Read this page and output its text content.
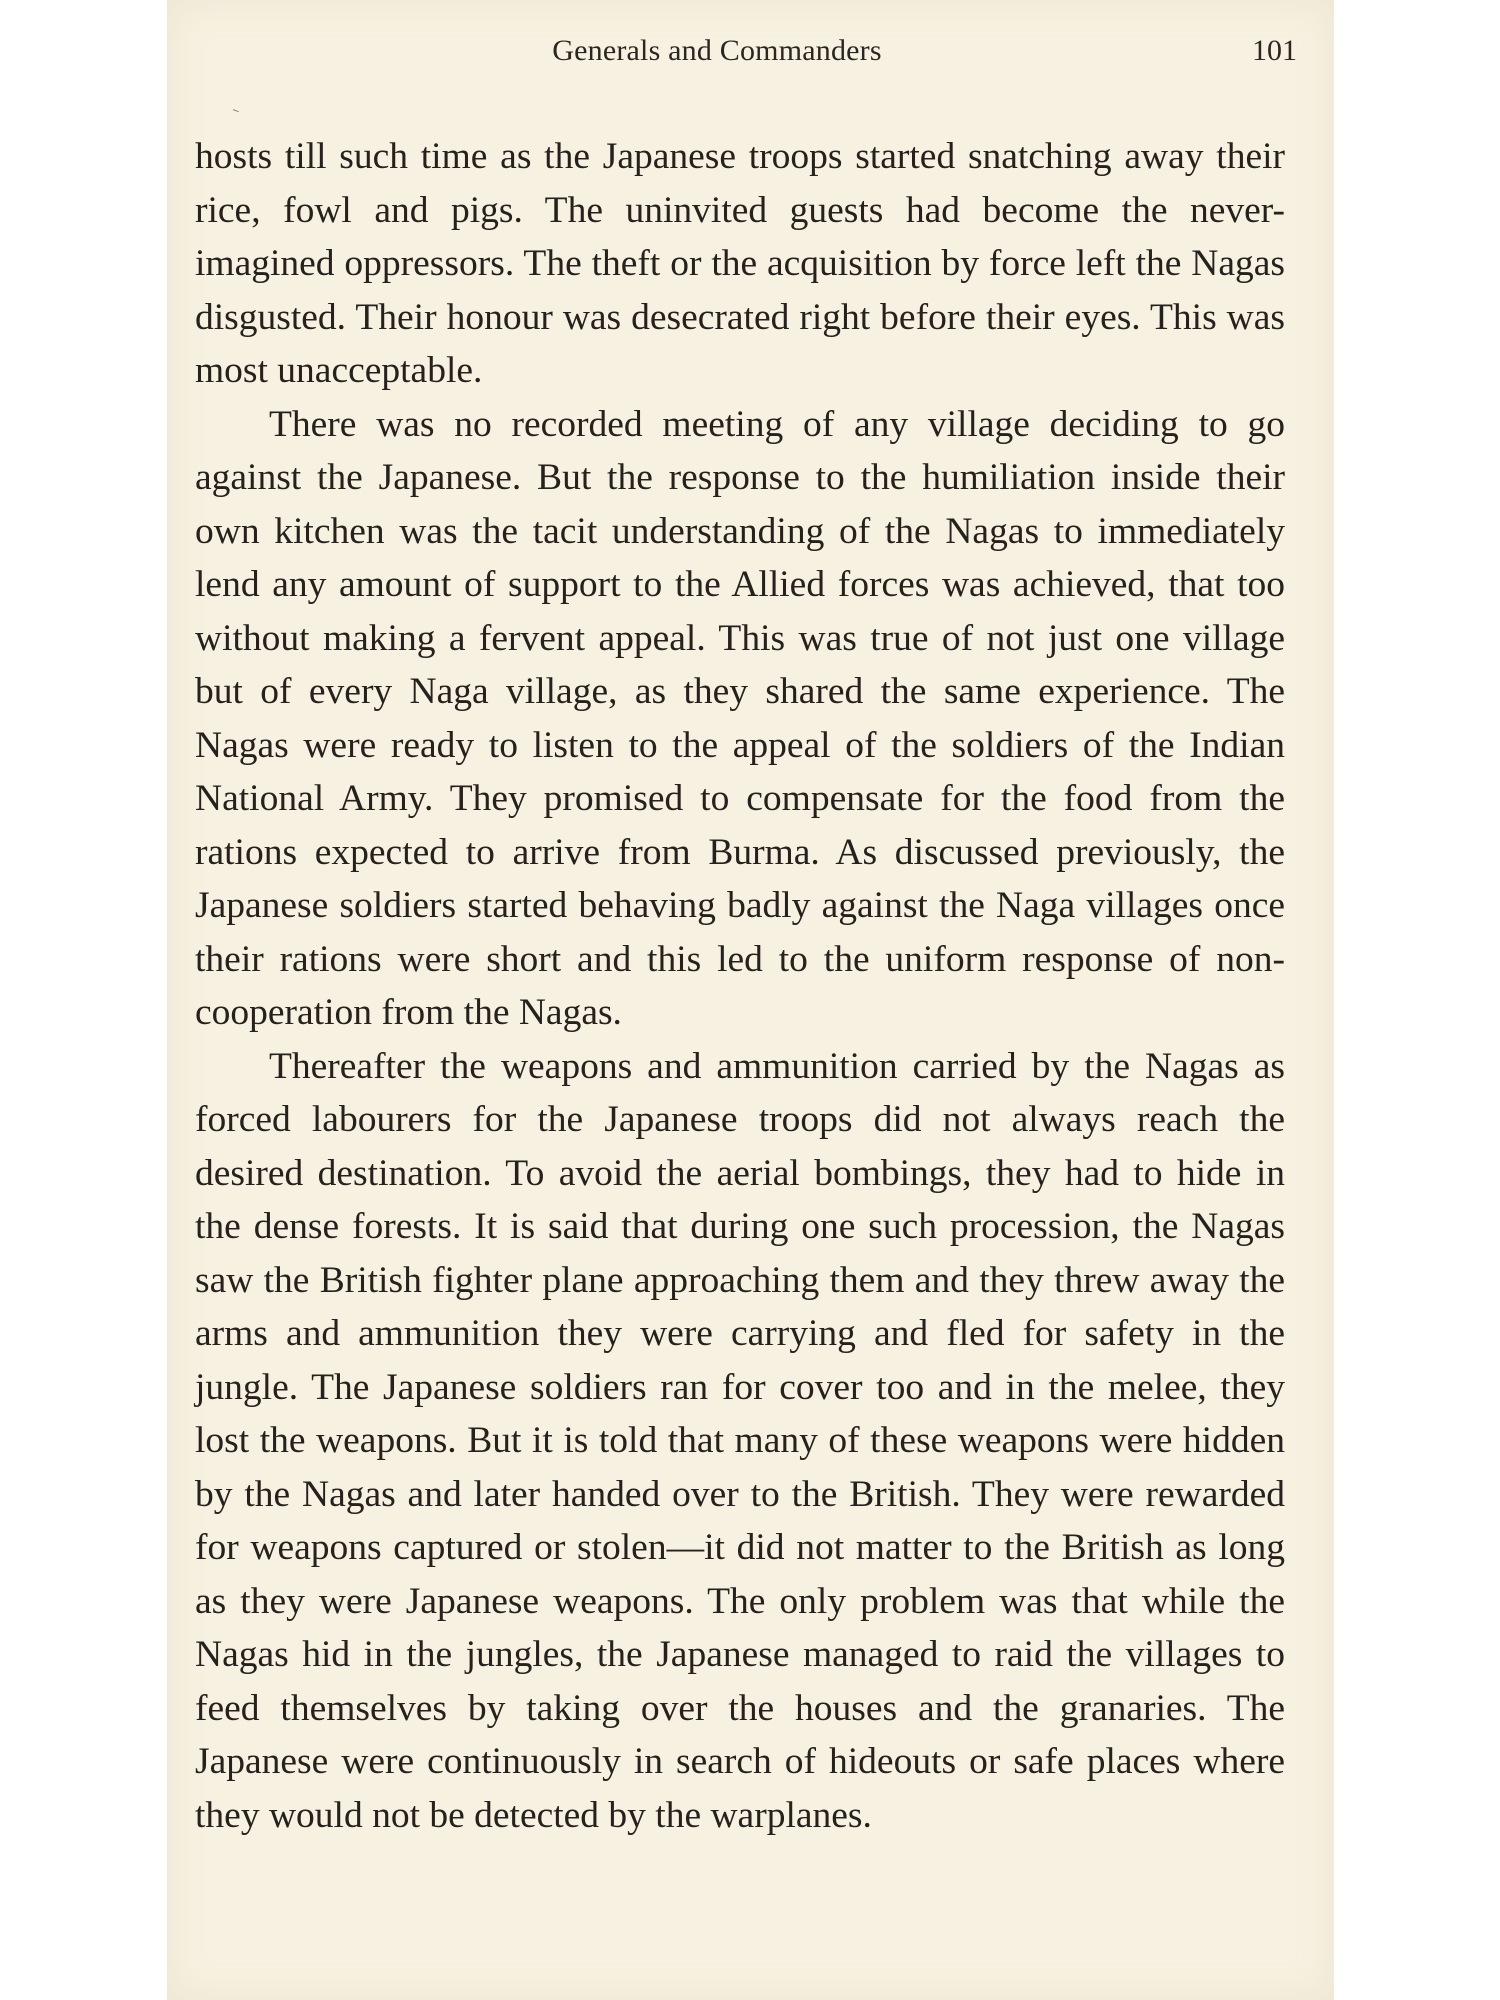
Generals and Commanders	101

hosts till such time as the Japanese troops started snatching away their rice, fowl and pigs. The uninvited guests had become the never-imagined oppressors. The theft or the acquisition by force left the Nagas disgusted. Their honour was desecrated right before their eyes. This was most unacceptable.

There was no recorded meeting of any village deciding to go against the Japanese. But the response to the humiliation inside their own kitchen was the tacit understanding of the Nagas to immediately lend any amount of support to the Allied forces was achieved, that too without making a fervent appeal. This was true of not just one village but of every Naga village, as they shared the same experience. The Nagas were ready to listen to the appeal of the soldiers of the Indian National Army. They promised to compensate for the food from the rations expected to arrive from Burma. As discussed previously, the Japanese soldiers started behaving badly against the Naga villages once their rations were short and this led to the uniform response of non-cooperation from the Nagas.

Thereafter the weapons and ammunition carried by the Nagas as forced labourers for the Japanese troops did not always reach the desired destination. To avoid the aerial bombings, they had to hide in the dense forests. It is said that during one such procession, the Nagas saw the British fighter plane approaching them and they threw away the arms and ammunition they were carrying and fled for safety in the jungle. The Japanese soldiers ran for cover too and in the melee, they lost the weapons. But it is told that many of these weapons were hidden by the Nagas and later handed over to the British. They were rewarded for weapons captured or stolen—it did not matter to the British as long as they were Japanese weapons. The only problem was that while the Nagas hid in the jungles, the Japanese managed to raid the villages to feed themselves by taking over the houses and the granaries. The Japanese were continuously in search of hideouts or safe places where they would not be detected by the warplanes.
